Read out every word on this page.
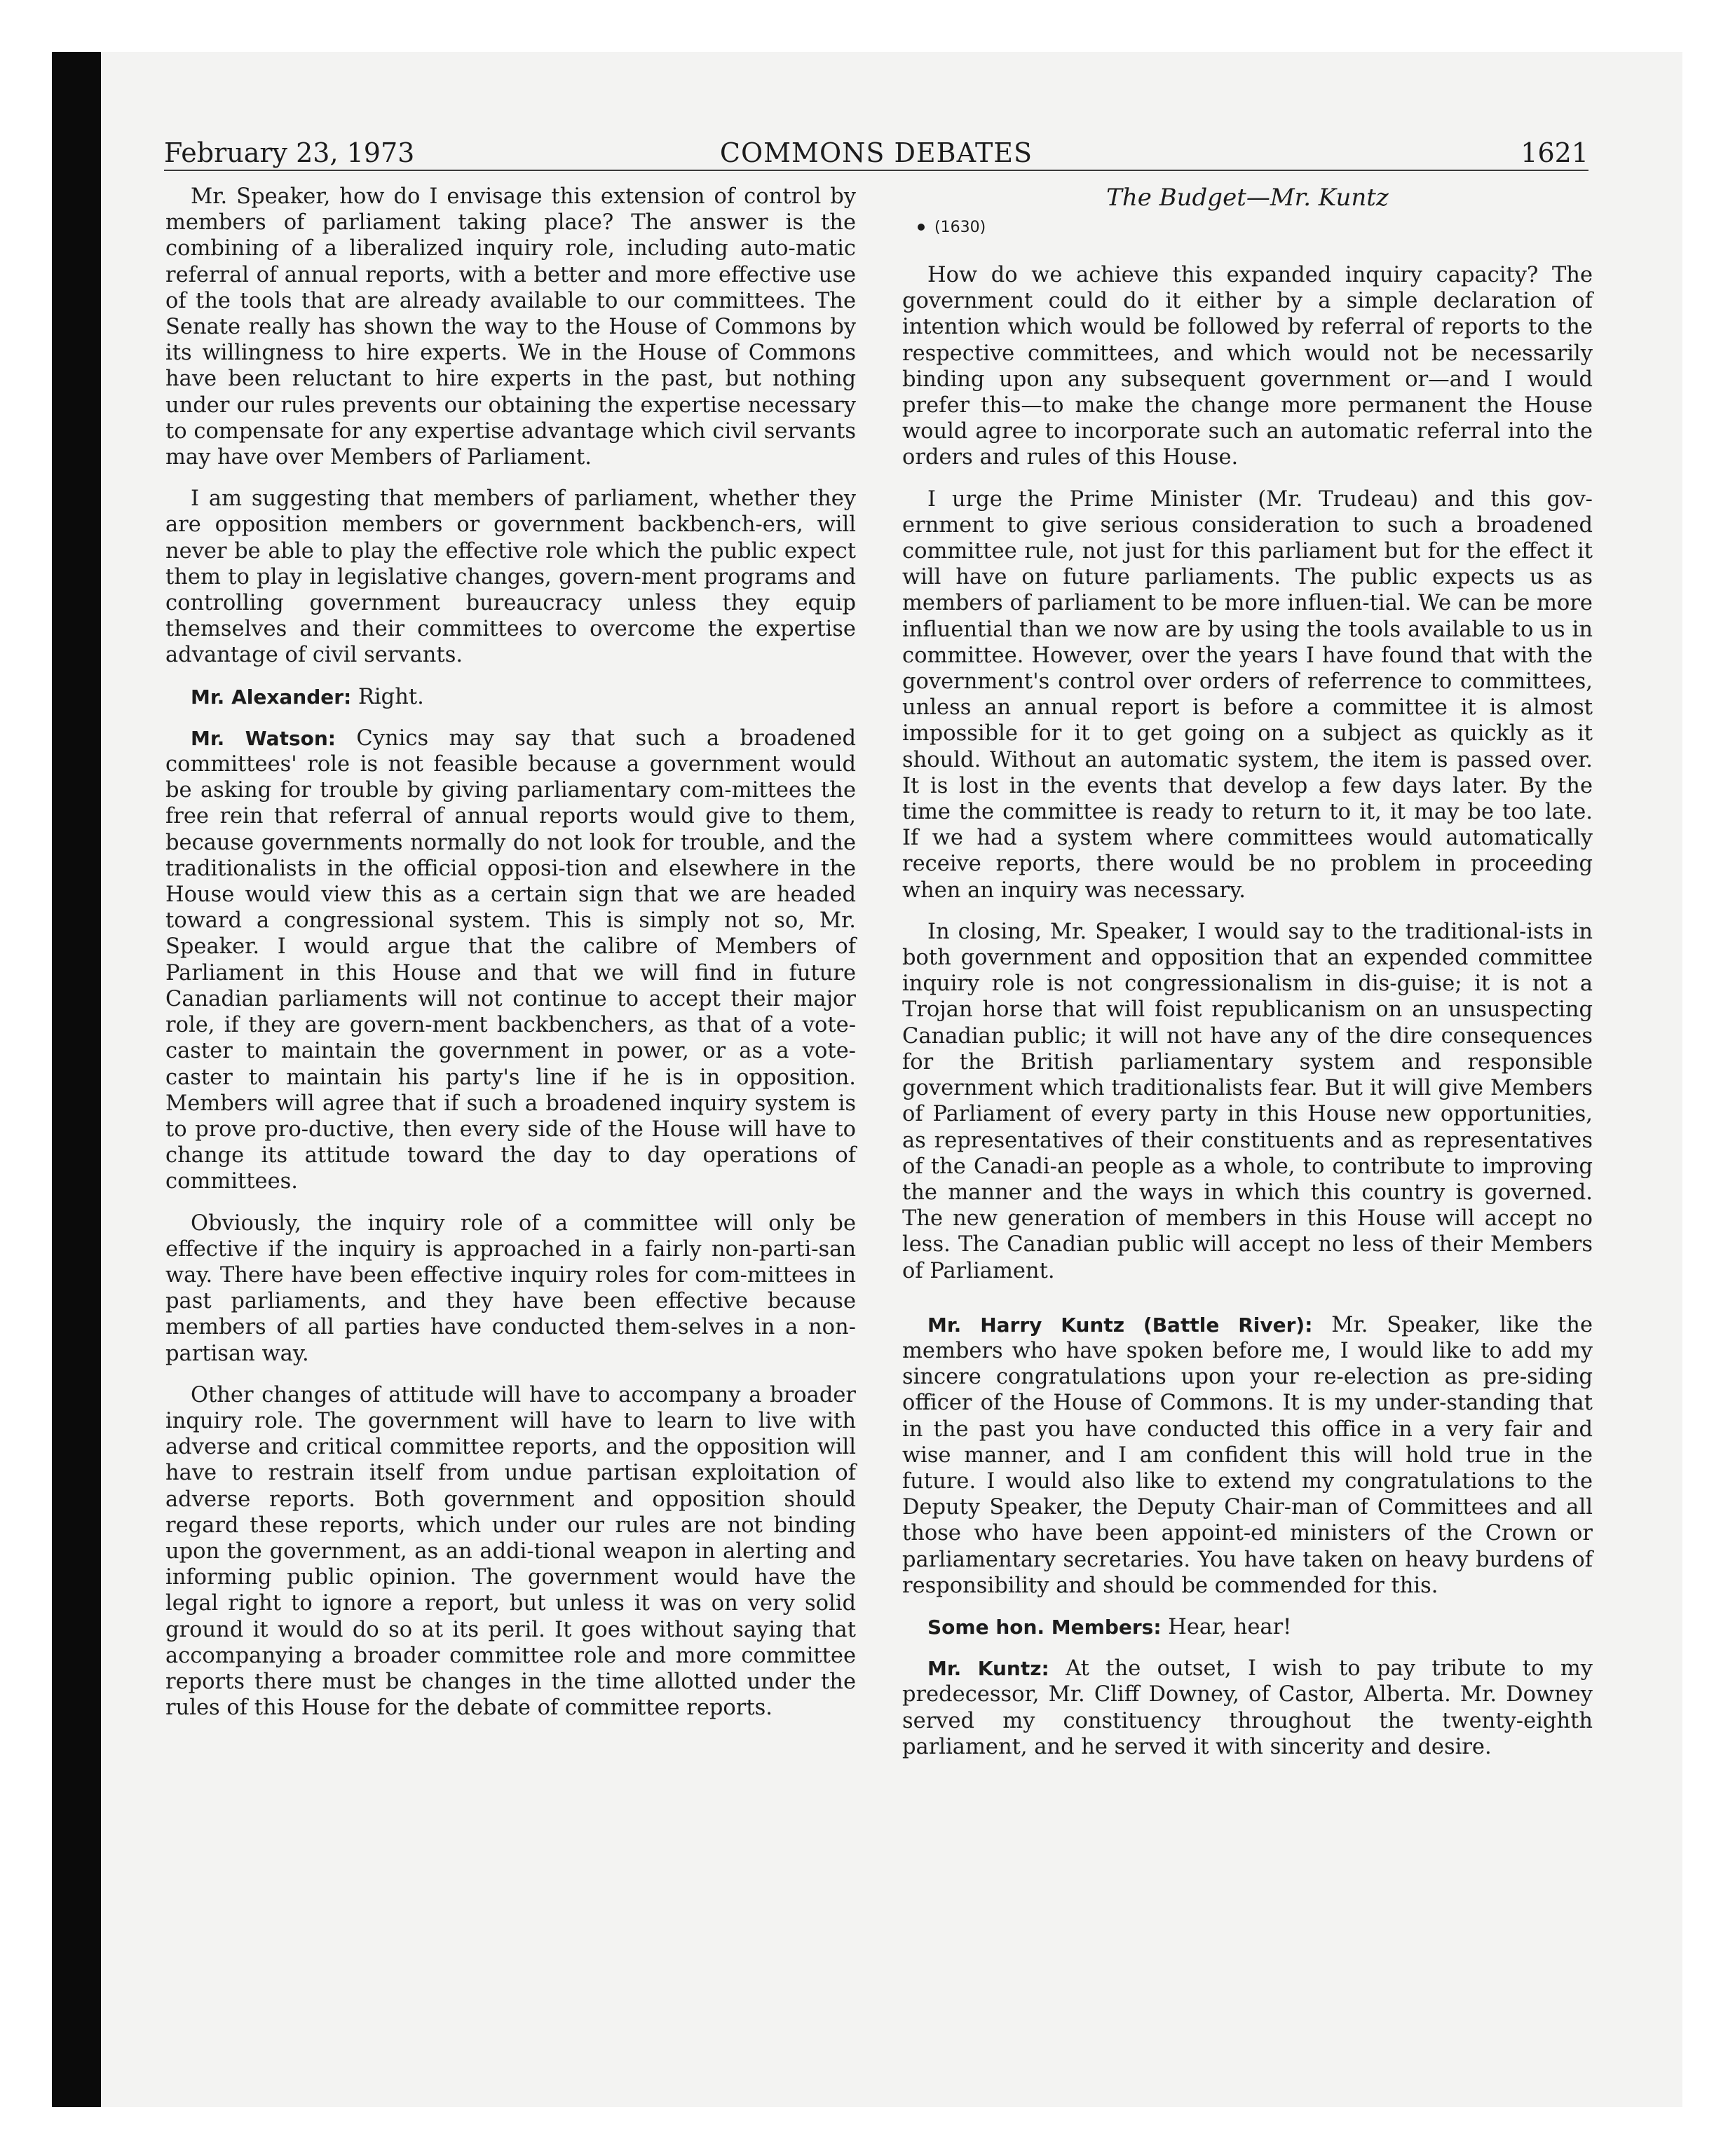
COMMONS DEBATES
February 23, 1973	1621

Mr. Speaker, how do I envisage this extension of control by members of parliament taking place? The answer is the combining of a liberalized inquiry role, including auto-matic referral of annual reports, with a better and more effective use of the tools that are already available to our committees. The Senate really has shown the way to the House of Commons by its willingness to hire experts. We in the House of Commons have been reluctant to hire experts in the past, but nothing under our rules prevents our obtaining the expertise necessary to compensate for any expertise advantage which civil servants may have over Members of Parliament.

I am suggesting that members of parliament, whether they are opposition members or government backbench-ers, will never be able to play the effective role which the public expect them to play in legislative changes, govern-ment programs and controlling government bureaucracy unless they equip themselves and their committees to overcome the expertise advantage of civil servants.

Mr. Alexander: Right.

Mr. Watson: Cynics may say that such a broadened committees' role is not feasible because a government would be asking for trouble by giving parliamentary com-mittees the free rein that referral of annual reports would give to them, because governments normally do not look for trouble, and the traditionalists in the official opposi-tion and elsewhere in the House would view this as a certain sign that we are headed toward a congressional system. This is simply not so, Mr. Speaker. I would argue that the calibre of Members of Parliament in this House and that we will find in future Canadian parliaments will not continue to accept their major role, if they are govern-ment backbenchers, as that of a vote-caster to maintain the government in power, or as a vote-caster to maintain his party's line if he is in opposition. Members will agree that if such a broadened inquiry system is to prove pro-ductive, then every side of the House will have to change its attitude toward the day to day operations of committees.

Obviously, the inquiry role of a committee will only be effective if the inquiry is approached in a fairly non-parti-san way. There have been effective inquiry roles for com-mittees in past parliaments, and they have been effective because members of all parties have conducted them-selves in a non-partisan way.

Other changes of attitude will have to accompany a broader inquiry role. The government will have to learn to live with adverse and critical committee reports, and the opposition will have to restrain itself from undue partisan exploitation of adverse reports. Both government and opposition should regard these reports, which under our rules are not binding upon the government, as an addi-tional weapon in alerting and informing public opinion. The government would have the legal right to ignore a report, but unless it was on very solid ground it would do so at its peril. It goes without saying that accompanying a broader committee role and more committee reports there must be changes in the time allotted under the rules of this House for the debate of committee reports.

The Budget—Mr. Kuntz
(1630)

How do we achieve this expanded inquiry capacity? The government could do it either by a simple declaration of intention which would be followed by referral of reports to the respective committees, and which would not be necessarily binding upon any subsequent government or—and I would prefer this—to make the change more permanent the House would agree to incorporate such an automatic referral into the orders and rules of this House.

I urge the Prime Minister (Mr. Trudeau) and this gov-ernment to give serious consideration to such a broadened committee rule, not just for this parliament but for the effect it will have on future parliaments. The public expects us as members of parliament to be more influen-tial. We can be more influential than we now are by using the tools available to us in committee. However, over the years I have found that with the government's control over orders of referrence to committees, unless an annual report is before a committee it is almost impossible for it to get going on a subject as quickly as it should. Without an automatic system, the item is passed over. It is lost in the events that develop a few days later. By the time the committee is ready to return to it, it may be too late. If we had a system where committees would automatically receive reports, there would be no problem in proceeding when an inquiry was necessary.

In closing, Mr. Speaker, I would say to the traditional-ists in both government and opposition that an expended committee inquiry role is not congressionalism in dis-guise; it is not a Trojan horse that will foist republicanism on an unsuspecting Canadian public; it will not have any of the dire consequences for the British parliamentary system and responsible government which traditionalists fear. But it will give Members of Parliament of every party in this House new opportunities, as representatives of their constituents and as representatives of the Canadi-an people as a whole, to contribute to improving the manner and the ways in which this country is governed. The new generation of members in this House will accept no less. The Canadian public will accept no less of their Members of Parliament.

Mr. Harry Kuntz (Battle River): Mr. Speaker, like the members who have spoken before me, I would like to add my sincere congratulations upon your re-election as pre-siding officer of the House of Commons. It is my under-standing that in the past you have conducted this office in a very fair and wise manner, and I am confident this will hold true in the future. I would also like to extend my congratulations to the Deputy Speaker, the Deputy Chair-man of Committees and all those who have been appoint-ed ministers of the Crown or parliamentary secretaries. You have taken on heavy burdens of responsibility and should be commended for this.

Some hon. Members: Hear, hear!

Mr. Kuntz: At the outset, I wish to pay tribute to my predecessor, Mr. Cliff Downey, of Castor, Alberta. Mr. Downey served my constituency throughout the twenty-eighth parliament, and he served it with sincerity and desire.
